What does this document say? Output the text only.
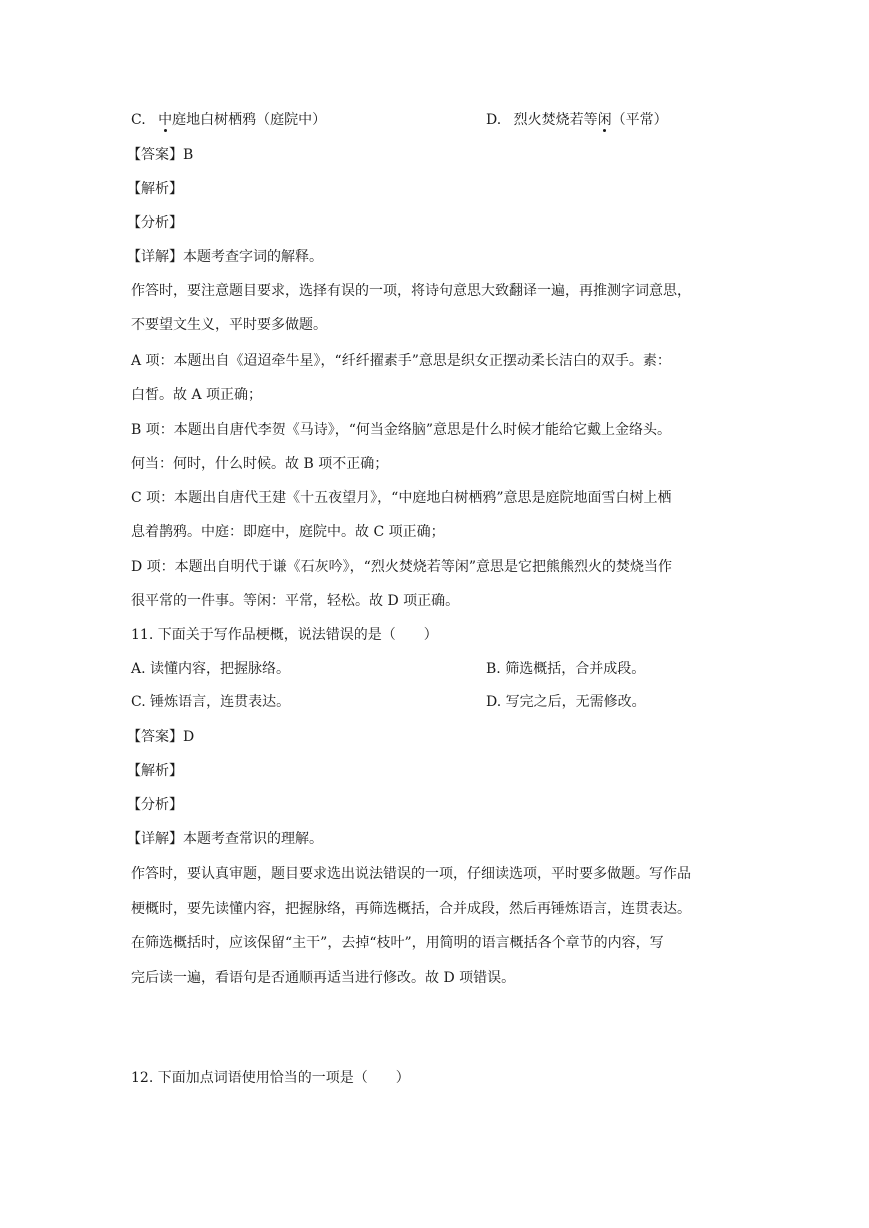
C. 中庭地白树栖鸦（庭院中）	D. 烈火焚烧若等闲（平常）
【答案】B
【解析】
【分析】
【详解】本题考查字词的解释。
作答时，要注意题目要求，选择有误的一项，将诗句意思大致翻译一遍，再推测字词意思，
不要望文生义，平时要多做题。
A 项：本题出自《迢迢牵牛星》，“纤纤擢素手”意思是织女正摆动柔长洁白的双手。素：
白皙。故 A 项正确；
B 项：本题出自唐代李贺《马诗》，“何当金络脑”意思是什么时候才能给它戴上金络头。
何当：何时，什么时候。故 B 项不正确；
C 项：本题出自唐代王建《十五夜望月》，“中庭地白树栖鸦”意思是庭院地面雪白树上栖
息着鹊鸦。中庭：即庭中，庭院中。故 C 项正确；
D 项：本题出自明代于谦《石灰吟》，“烈火焚烧若等闲”意思是它把熊熊烈火的焚烧当作
很平常的一件事。等闲：平常，轻松。故 D 项正确。
11. 下面关于写作品梗概，说法错误的是（　　）
A. 读懂内容，把握脉络。	B. 筛选概括，合并成段。
C. 锤炼语言，连贯表达。	D. 写完之后，无需修改。
【答案】D
【解析】
【分析】
【详解】本题考查常识的理解。
作答时，要认真审题，题目要求选出说法错误的一项，仔细读选项，平时要多做题。写作品
梗概时，要先读懂内容，把握脉络，再筛选概括，合并成段，然后再锤炼语言，连贯表达。
在筛选概括时，应该保留“主干”，去掉“枝叶”，用简明的语言概括各个章节的内容，写
完后读一遍，看语句是否通顺再适当进行修改。故 D 项错误。
12. 下面加点词语使用恰当的一项是（　　）
